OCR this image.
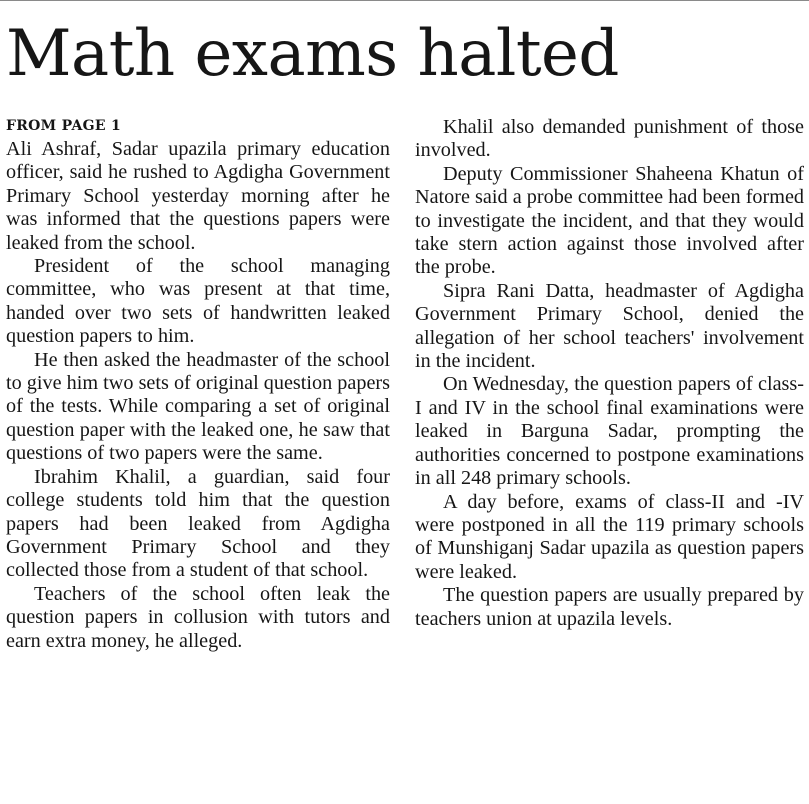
Math exams halted

FROM PAGE 1

Ali Ashraf, Sadar upazila primary education officer, said he rushed to Agdigha Government Primary School yesterday morning after he was informed that the questions papers were leaked from the school.

President of the school managing committee, who was present at that time, handed over two sets of handwritten leaked question papers to him.

He then asked the headmaster of the school to give him two sets of original question papers of the tests. While comparing a set of original question paper with the leaked one, he saw that questions of two papers were the same.

Ibrahim Khalil, a guardian, said four college students told him that the question papers had been leaked from Agdigha Government Primary School and they collected those from a student of that school.

Teachers of the school often leak the question papers in collusion with tutors and earn extra money, he alleged.

Khalil also demanded punishment of those involved.

Deputy Commissioner Shaheena Khatun of Natore said a probe committee had been formed to investigate the incident, and that they would take stern action against those involved after the probe.

Sipra Rani Datta, headmaster of Agdigha Government Primary School, denied the allegation of her school teachers' involvement in the incident.

On Wednesday, the question papers of class-I and IV in the school final examinations were leaked in Barguna Sadar, prompting the authorities concerned to postpone examinations in all 248 primary schools.

A day before, exams of class-II and -IV were postponed in all the 119 primary schools of Munshiganj Sadar upazila as question papers were leaked.

The question papers are usually prepared by teachers union at upazila levels.
